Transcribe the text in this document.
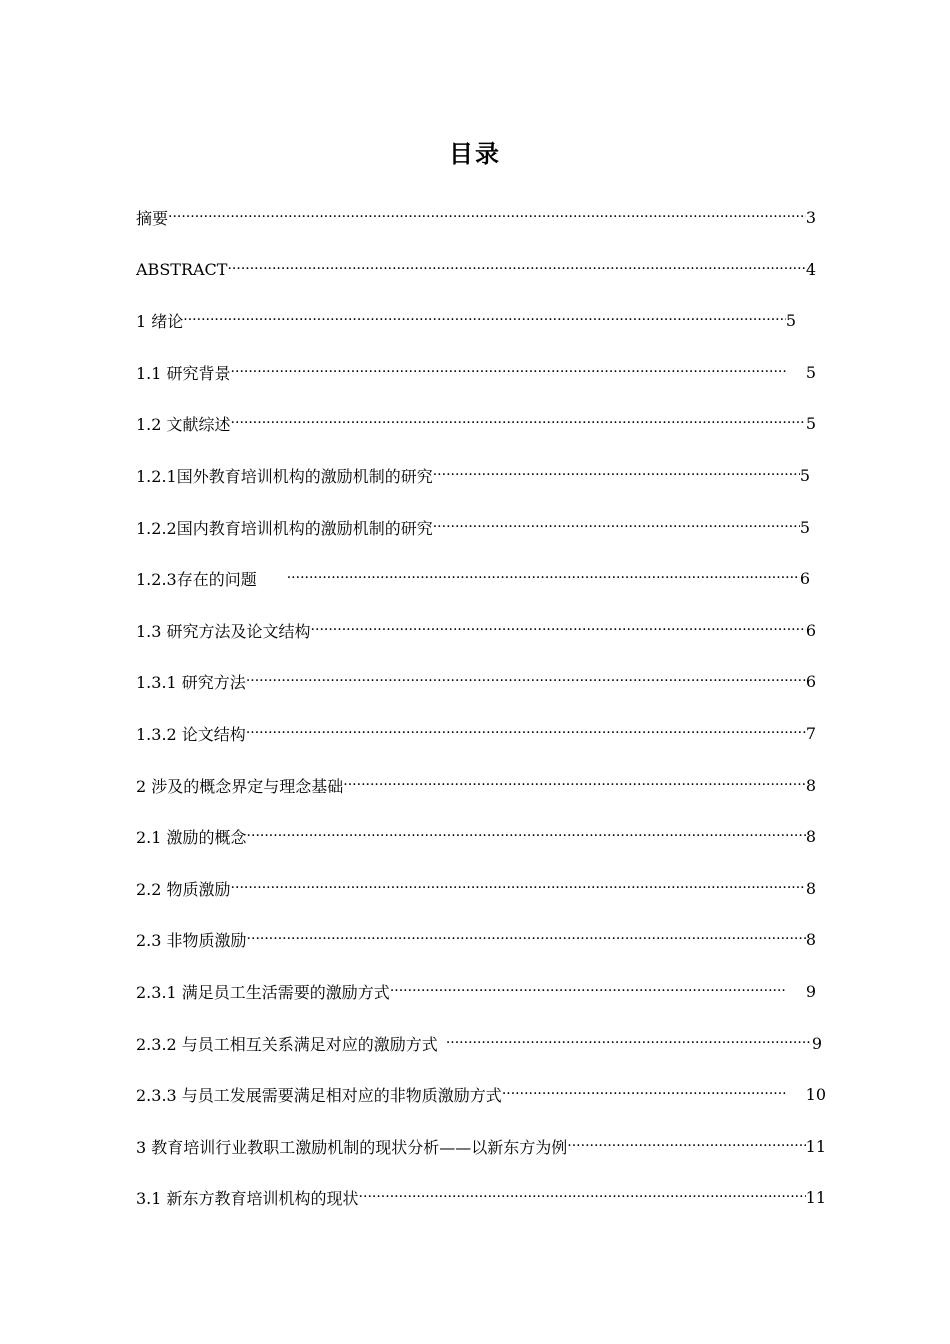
目录
摘要 ·····	3
ABSTRACT ·····	4
1 绪论 ·····	5
1.1 研究背景 ·····	5
1.2 文献综述 ·····	5
1.2.1国外教育培训机构的激励机制的研究 ·····	5
1.2.2国内教育培训机构的激励机制的研究 ·····	5
1.2.3存在的问题 ·····	6
1.3 研究方法及论文结构 ·····	6
1.3.1 研究方法 ·····	6
1.3.2 论文结构 ·····	7
2 涉及的概念界定与理念基础 ·····	8
2.1 激励的概念 ·····	8
2.2 物质激励 ·····	8
2.3 非物质激励 ·····	8
2.3.1 满足员工生活需要的激励方式 ·····	9
2.3.2 与员工相互关系满足对应的激励方式 ·····	9
2.3.3 与员工发展需要满足相对应的非物质激励方式 ·····	10
3 教育培训行业教职工激励机制的现状分析——以新东方为例 ·····	11
3.1 新东方教育培训机构的现状 ·····	11
